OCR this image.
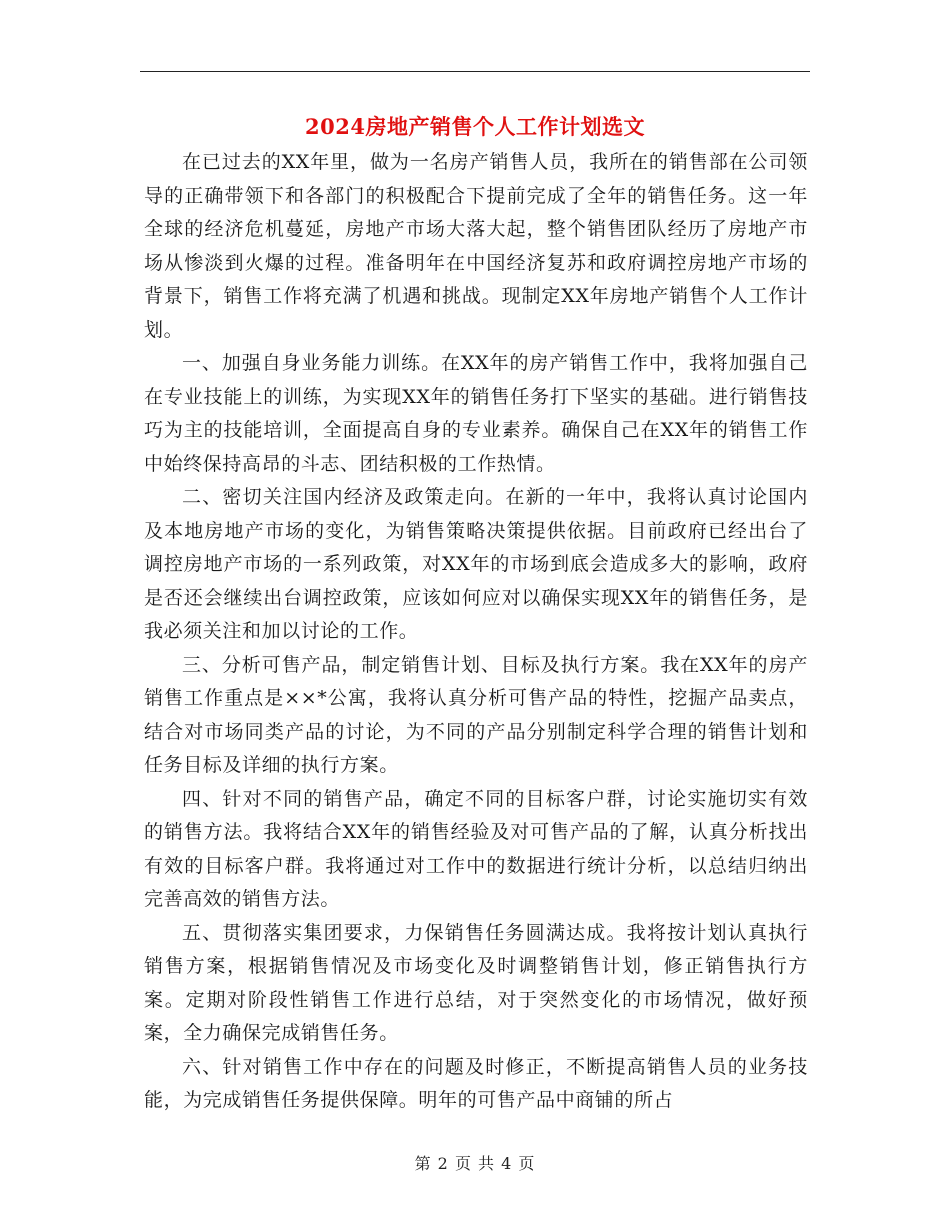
2024房地产销售个人工作计划选文

在已过去的XX年里，做为一名房产销售人员，我所在的销售部在公司领导的正确带领下和各部门的积极配合下提前完成了全年的销售任务。这一年全球的经济危机蔓延，房地产市场大落大起，整个销售团队经历了房地产市场从惨淡到火爆的过程。准备明年在中国经济复苏和政府调控房地产市场的背景下，销售工作将充满了机遇和挑战。现制定XX年房地产销售个人工作计划。

一、加强自身业务能力训练。在XX年的房产销售工作中，我将加强自己在专业技能上的训练，为实现XX年的销售任务打下坚实的基础。进行销售技巧为主的技能培训，全面提高自身的专业素养。确保自己在XX年的销售工作中始终保持高昂的斗志、团结积极的工作热情。

二、密切关注国内经济及政策走向。在新的一年中，我将认真讨论国内及本地房地产市场的变化，为销售策略决策提供依据。目前政府已经出台了调控房地产市场的一系列政策，对XX年的市场到底会造成多大的影响，政府是否还会继续出台调控政策，应该如何应对以确保实现XX年的销售任务，是我必须关注和加以讨论的工作。

三、分析可售产品，制定销售计划、目标及执行方案。我在XX年的房产销售工作重点是××*公寓，我将认真分析可售产品的特性，挖掘产品卖点，结合对市场同类产品的讨论，为不同的产品分别制定科学合理的销售计划和任务目标及详细的执行方案。

四、针对不同的销售产品，确定不同的目标客户群，讨论实施切实有效的销售方法。我将结合XX年的销售经验及对可售产品的了解，认真分析找出有效的目标客户群。我将通过对工作中的数据进行统计分析，以总结归纳出完善高效的销售方法。

五、贯彻落实集团要求，力保销售任务圆满达成。我将按计划认真执行销售方案，根据销售情况及市场变化及时调整销售计划，修正销售执行方案。定期对阶段性销售工作进行总结，对于突然变化的市场情况，做好预案，全力确保完成销售任务。

六、针对销售工作中存在的问题及时修正，不断提高销售人员的业务技能，为完成销售任务提供保障。明年的可售产品中商铺的所占

第 2 页 共 4 页
